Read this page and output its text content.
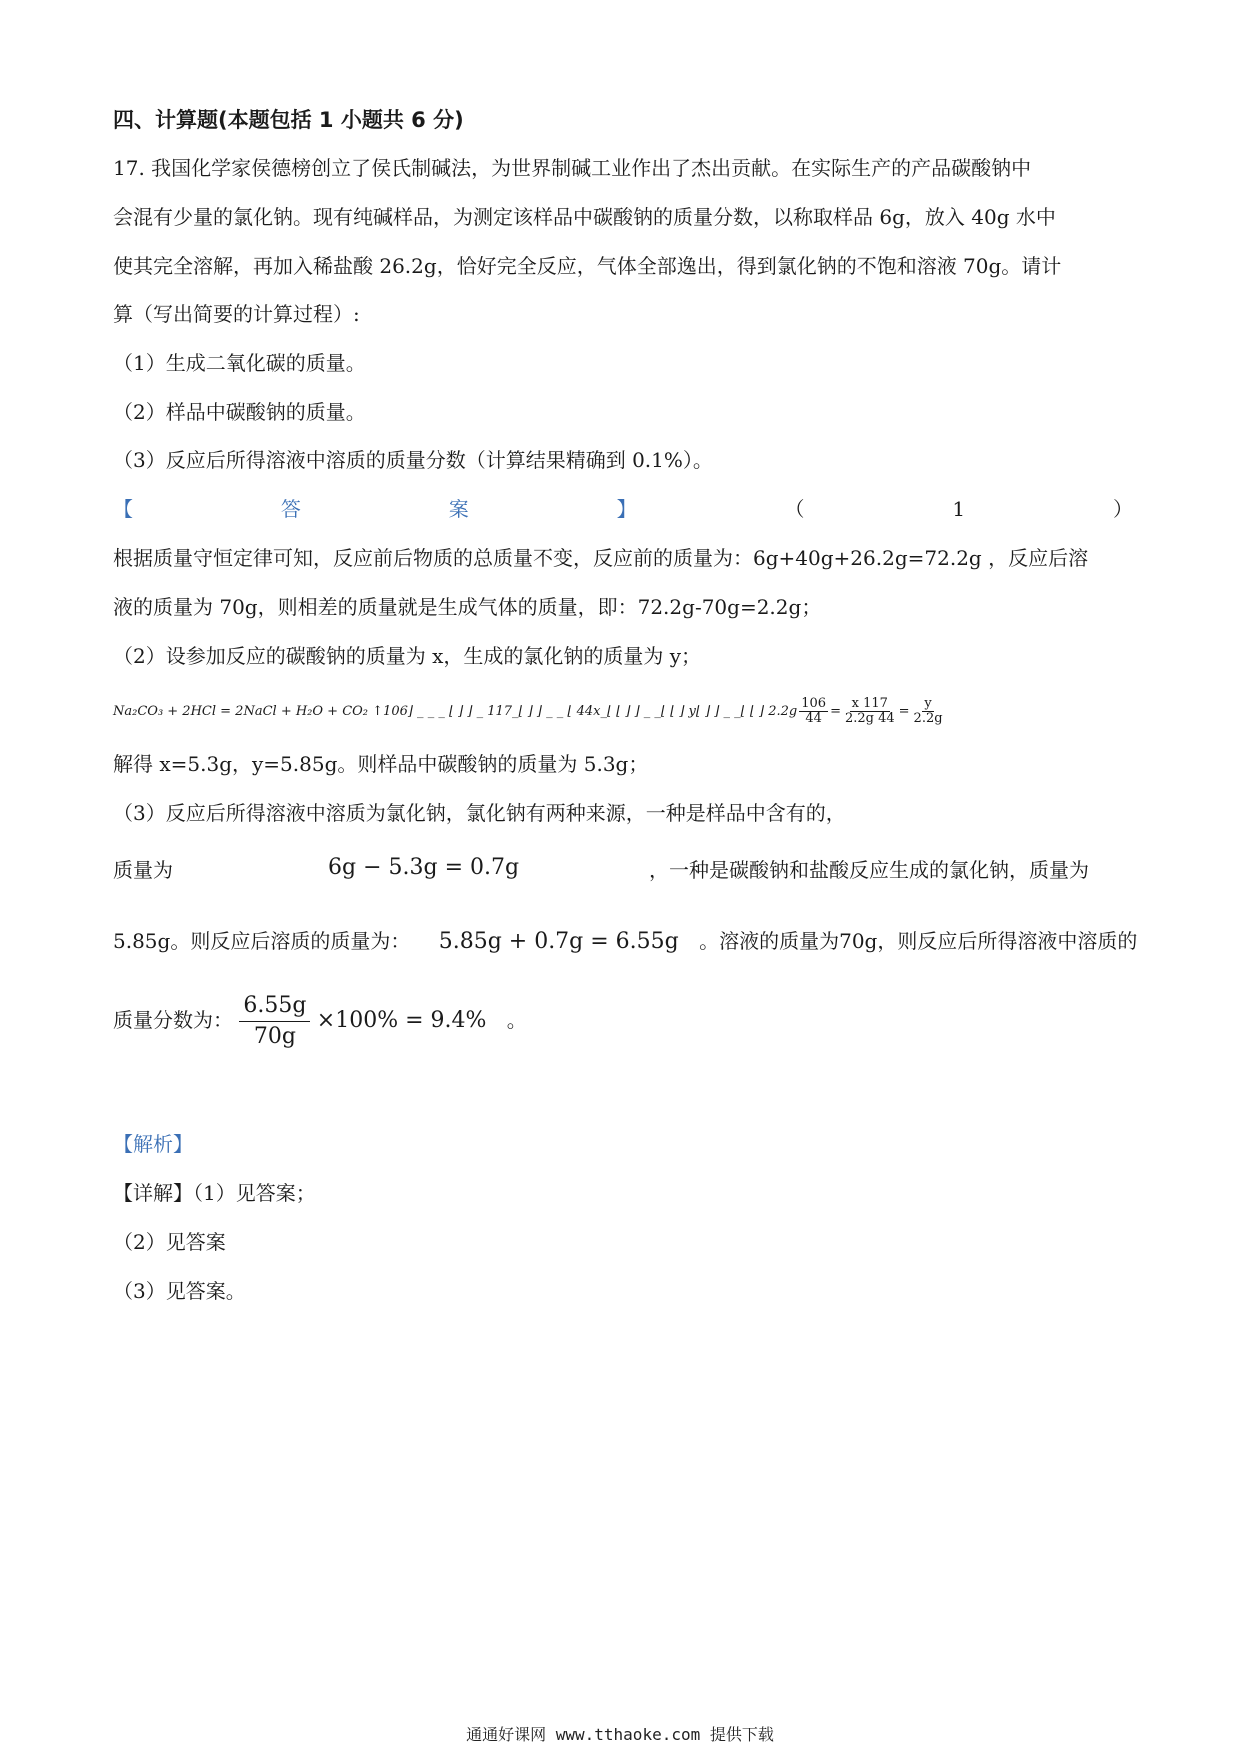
四、计算题(本题包括 1 小题共 6 分)
17. 我国化学家侯德榜创立了侯氏制碱法，为世界制碱工业作出了杰出贡献。在实际生产的产品碳酸钠中
会混有少量的氯化钠。现有纯碱样品，为测定该样品中碳酸钠的质量分数，以称取样品 6g，放入 40g 水中
使其完全溶解，再加入稀盐酸 26.2g，恰好完全反应，气体全部逸出，得到氯化钠的不饱和溶液 70g。请计
算（写出简要的计算过程）:
（1）生成二氧化碳的质量。
（2）样品中碳酸钠的质量。
（3）反应后所得溶液中溶质的质量分数（计算结果精确到 0.1%）。
【	答	案	】	（	1	）
根据质量守恒定律可知，反应前后物质的总质量不变，反应前的质量为：6g+40g+26.2g=72.2g ，反应后溶
液的质量为 70g，则相差的质量就是生成气体的质量，即：72.2g-70g=2.2g；
（2）设参加反应的碳酸钠的质量为 x，生成的氯化钠的质量为 y；
Na₂CO₃ + 2HCl = 2NaCl + H₂O + CO₂ ↑106⌋ _ _ _ ⌊ ⌋ ⌋ _ 117_⌊ ⌋ ⌋ _ _ ⌊ 44x_⌊ ⌊ ⌋ ⌋ _ _⌊ ⌊ ⌋ y⌊ ⌋ ⌋ _ _⌊ ⌊ ⌋ $2.2g \frac{106}{44} = \frac{x 117}{2.2g 44} = \frac{y}{2.2g}$
解得 x=5.3g，y=5.85g。则样品中碳酸钠的质量为 5.3g；
（3）反应后所得溶液中溶质为氯化钠，氯化钠有两种来源，一种是样品中含有的，
质量为	6g − 5.3g = 0.7g	，一种是碳酸钠和盐酸反应生成的氯化钠，质量为
5.85g。则反应后溶质的质量为： 5.85g + 0.7g = 6.55g 。溶液的质量为70g，则反应后所得溶液中溶质的
质量分数为： $\frac{6.55g}{70g} \times 100\% = 9.4\%$ 。
【解析】
【详解】（1）见答案；
（2）见答案
（3）见答案。
通通好课网 www.tthaoke.com 提供下载
